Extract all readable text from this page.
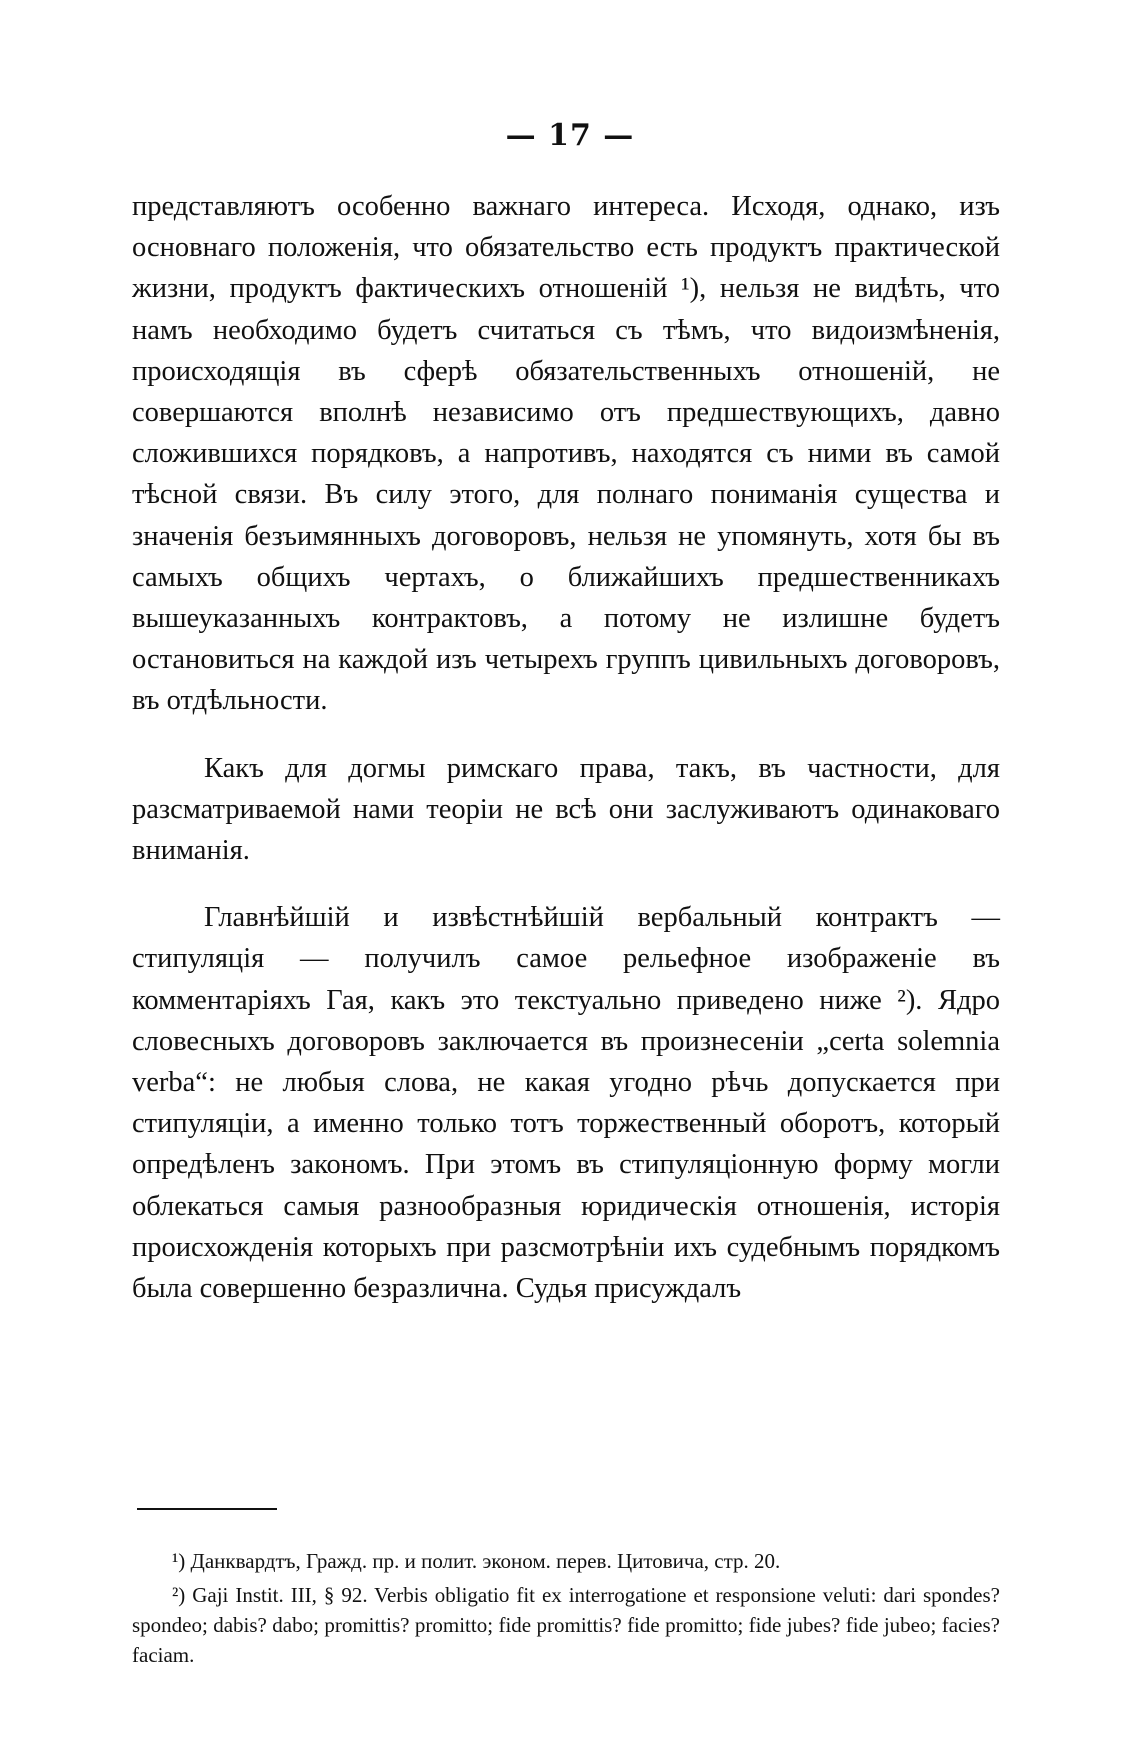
— 17 —

представляютъ особенно важнаго интереса. Исходя, однако, изъ основнаго положенія, что обязательство есть продуктъ практической жизни, продуктъ фактическихъ отношеній ¹), нельзя не видѣть, что намъ необходимо будетъ считаться съ тѣмъ, что видоизмѣненія, происходящія въ сферѣ обязательственныхъ отношеній, не совершаются вполнѣ независимо отъ предшествующихъ, давно сложившихся порядковъ, а напротивъ, находятся съ ними въ самой тѣсной связи. Въ силу этого, для полнаго пониманія существа и значенія безъимянныхъ договоровъ, нельзя не упомянуть, хотя бы въ самыхъ общихъ чертахъ, о ближайшихъ предшественникахъ вышеуказанныхъ контрактовъ, а потому не излишне будетъ остановиться на каждой изъ четырехъ группъ цивильныхъ договоровъ, въ отдѣльности.

Какъ для догмы римскаго права, такъ, въ частности, для разсматриваемой нами теоріи не всѣ они заслуживаютъ одинаковаго вниманія.

Главнѣйшій и извѣстнѣйшій вербальный контрактъ — стипуляція — получилъ самое рельефное изображеніе въ комментаріяхъ Гая, какъ это текстуально приведено ниже ²). Ядро словесныхъ договоровъ заключается въ произнесеніи „certa solemnia verba“: не любыя слова, не какая угодно рѣчь допускается при стипуляціи, а именно только тотъ торжественный оборотъ, который опредѣленъ закономъ. При этомъ въ стипуляціонную форму могли облекаться самыя разнообразныя юридическія отношенія, исторія происхожденія которыхъ при разсмотрѣніи ихъ судебнымъ порядкомъ была совершенно безразлична. Судья присуждалъ

¹) Данквардтъ, Гражд. пр. и полит. эконом. перев. Цитовича, стр. 20.

²) Gaji Instit. III, § 92. Verbis obligatio fit ex interrogatione et responsione veluti: dari spondes? spondeo; dabis? dabo; promittis? promitto; fide promittis? fide promitto; fide jubes? fide jubeo; facies? faciam.
